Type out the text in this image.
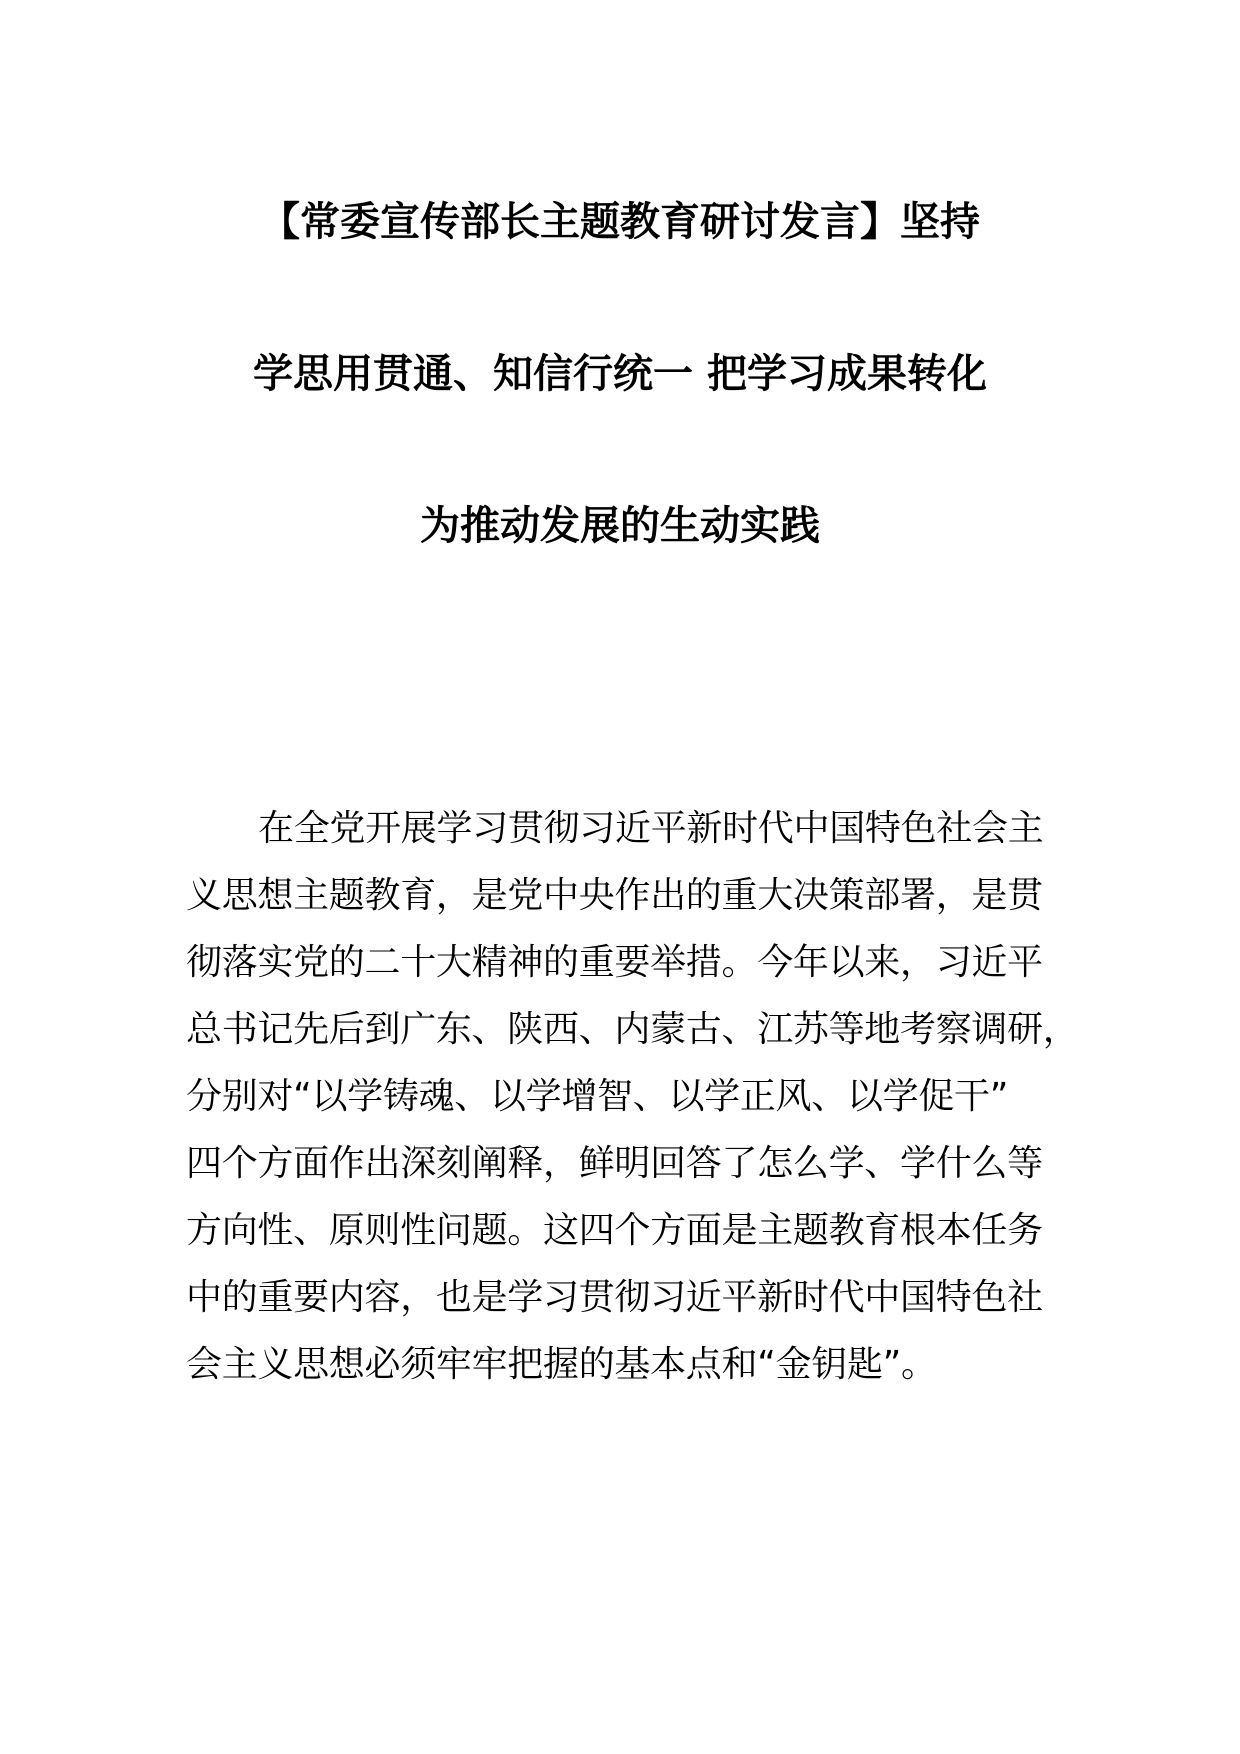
【常委宣传部长主题教育研讨发言】坚持
学思用贯通、知信行统一 把学习成果转化
为推动发展的生动实践
在全党开展学习贯彻习近平新时代中国特色社会主
义思想主题教育，是党中央作出的重大决策部署，是贯
彻落实党的二十大精神的重要举措。今年以来，习近平
总书记先后到广东、陕西、内蒙古、江苏等地考察调研，
分别对“以学铸魂、以学增智、以学正风、以学促干”
四个方面作出深刻阐释，鲜明回答了怎么学、学什么等
方向性、原则性问题。这四个方面是主题教育根本任务
中的重要内容，也是学习贯彻习近平新时代中国特色社
会主义思想必须牢牢把握的基本点和“金钥匙”。
